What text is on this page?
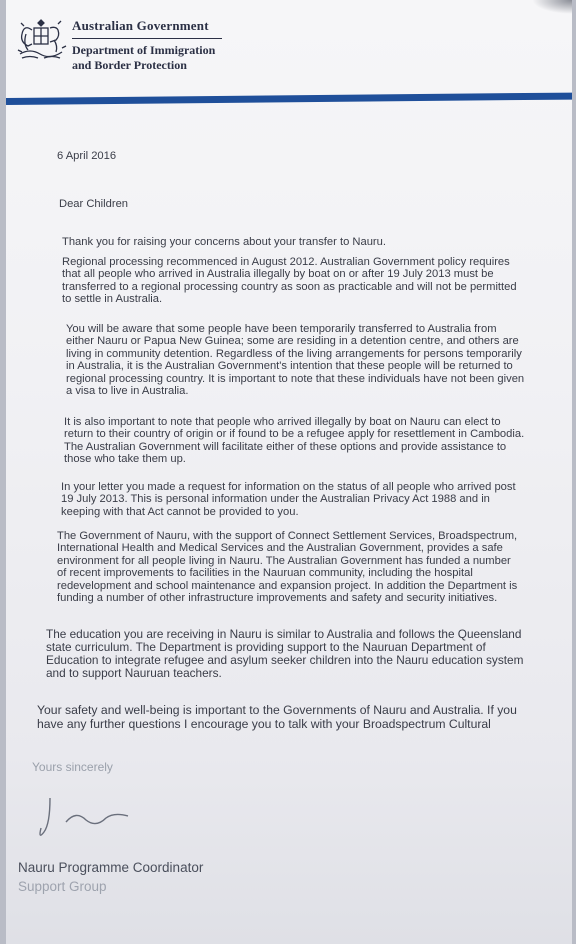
Australian Government
Department of Immigration
and Border Protection
6 April 2016
Dear Children
Thank you for raising your concerns about your transfer to Nauru.
Regional processing recommenced in August 2012. Australian Government policy requires
that all people who arrived in Australia illegally by boat on or after 19 July 2013 must be
transferred to a regional processing country as soon as practicable and will not be permitted
to settle in Australia.
You will be aware that some people have been temporarily transferred to Australia from
either Nauru or Papua New Guinea; some are residing in a detention centre, and others are
living in community detention. Regardless of the living arrangements for persons temporarily
in Australia, it is the Australian Government's intention that these people will be returned to
regional processing country. It is important to note that these individuals have not been given
a visa to live in Australia.
It is also important to note that people who arrived illegally by boat on Nauru can elect to
return to their country of origin or if found to be a refugee apply for resettlement in Cambodia.
The Australian Government will facilitate either of these options and provide assistance to
those who take them up.
In your letter you made a request for information on the status of all people who arrived post
19 July 2013. This is personal information under the Australian Privacy Act 1988 and in
keeping with that Act cannot be provided to you.
The Government of Nauru, with the support of Connect Settlement Services, Broadspectrum,
International Health and Medical Services and the Australian Government, provides a safe
environment for all people living in Nauru. The Australian Government has funded a number
of recent improvements to facilities in the Nauruan community, including the hospital
redevelopment and school maintenance and expansion project. In addition the Department is
funding a number of other infrastructure improvements and safety and security initiatives.
The education you are receiving in Nauru is similar to Australia and follows the Queensland
state curriculum. The Department is providing support to the Nauruan Department of
Education to integrate refugee and asylum seeker children into the Nauru education system
and to support Nauruan teachers.
Your safety and well-being is important to the Governments of Nauru and Australia. If you
have any further questions I encourage you to talk with your Broadspectrum Cultural
Yours sincerely
Nauru Programme Coordinator
Support Group
